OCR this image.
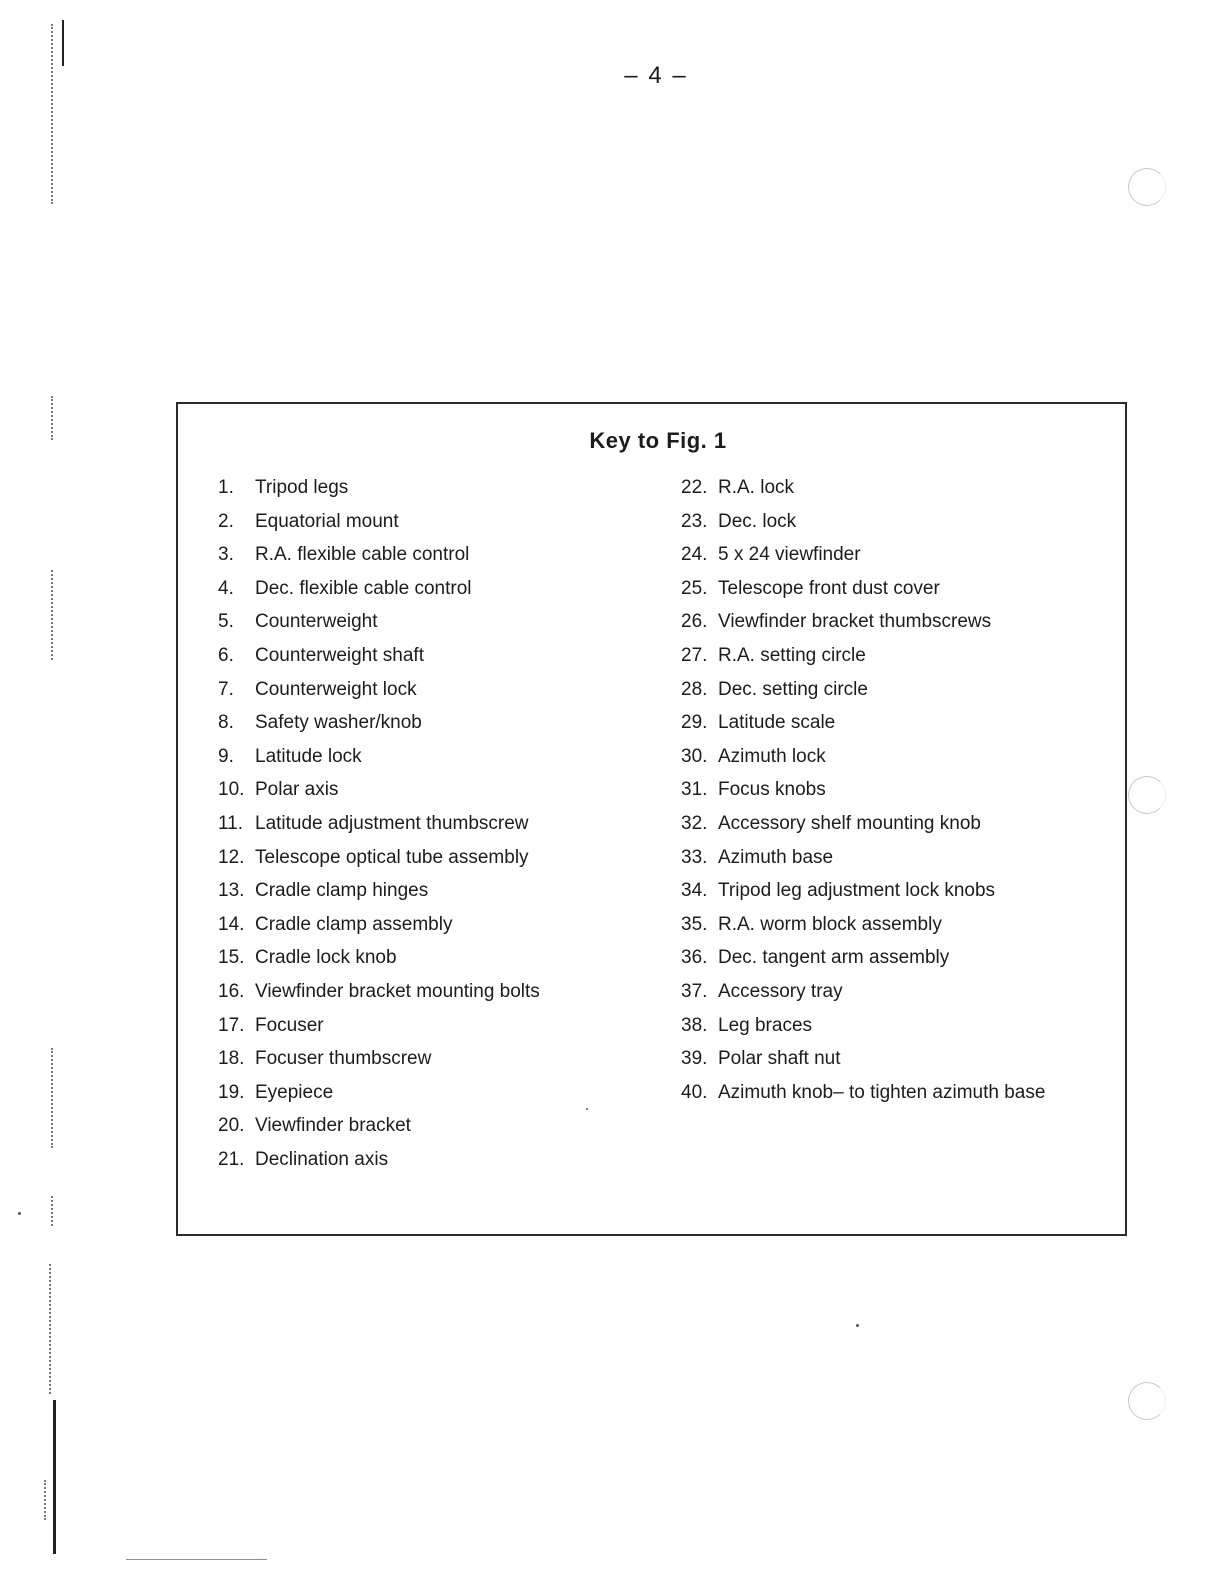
– 4 –
Key to Fig. 1
1.	Tripod legs
2.	Equatorial mount
3.	R.A. flexible cable control
4.	Dec. flexible cable control
5.	Counterweight
6.	Counterweight shaft
7.	Counterweight lock
8.	Safety washer/knob
9.	Latitude lock
10. Polar axis
11. Latitude adjustment thumbscrew
12. Telescope optical tube assembly
13. Cradle clamp hinges
14. Cradle clamp assembly
15. Cradle lock knob
16. Viewfinder bracket mounting bolts
17. Focuser
18. Focuser thumbscrew
19. Eyepiece
20. Viewfinder bracket
21. Declination axis
22. R.A. lock
23. Dec. lock
24. 5 x 24 viewfinder
25. Telescope front dust cover
26. Viewfinder bracket thumbscrews
27. R.A. setting circle
28. Dec. setting circle
29. Latitude scale
30. Azimuth lock
31. Focus knobs
32. Accessory shelf mounting knob
33. Azimuth base
34. Tripod leg adjustment lock knobs
35. R.A. worm block assembly
36. Dec. tangent arm assembly
37. Accessory tray
38. Leg braces
39. Polar shaft nut
40. Azimuth knob– to tighten azimuth base
